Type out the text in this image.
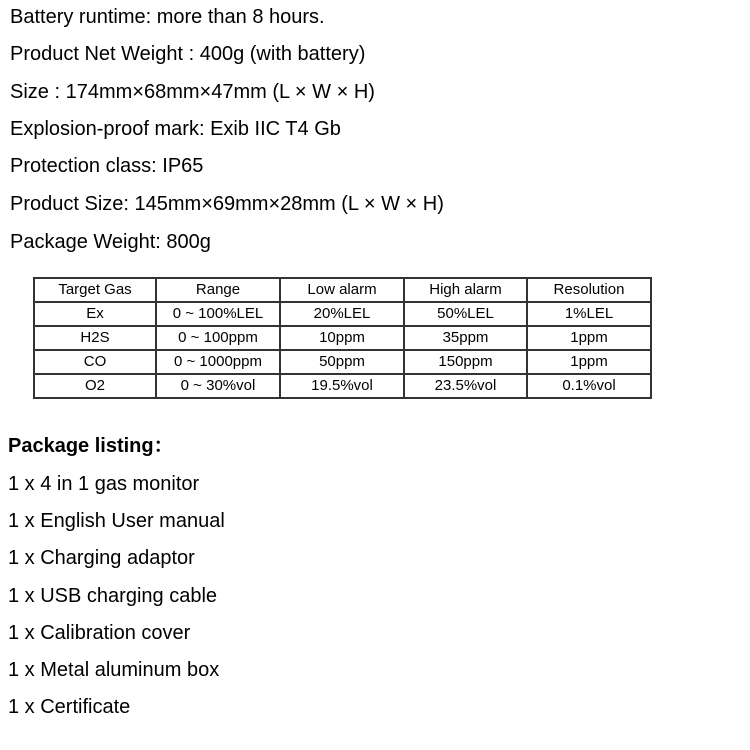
Battery runtime: more than 8 hours.
Product Net Weight : 400g (with battery)
Size : 174mm×68mm×47mm (L × W × H)
Explosion-proof mark: Exib IIC T4 Gb
Protection class: IP65
Product Size: 145mm×69mm×28mm (L × W × H)
Package Weight: 800g
Target Gas	Range	Low alarm	High alarm	Resolution
Ex	0 ~ 100%LEL	20%LEL	50%LEL	1%LEL
H2S	0 ~ 100ppm	10ppm	35ppm	1ppm
CO	0 ~ 1000ppm	50ppm	150ppm	1ppm
O2	0 ~ 30%vol	19.5%vol	23.5%vol	0.1%vol
Package listing：
1 x 4 in 1 gas monitor
1 x English User manual
1 x Charging adaptor
1 x USB charging cable
1 x Calibration cover
1 x Metal aluminum box
1 x Certificate
